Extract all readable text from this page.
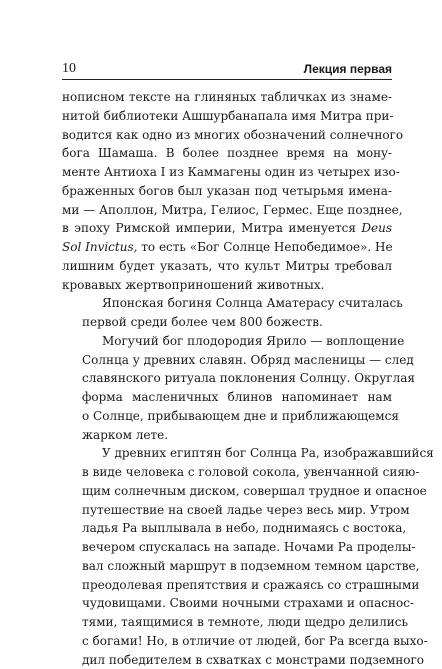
10	Лекция первая

нописном тексте на глиняных табличках из знаме-
нитой библиотеки Ашшурбанапала имя Митра при-
водится как одно из многих обозначений солнечного
бога Шамаша. В более позднее время на монy-
менте Антиоха I из Каммагены один из четырех изо-
браженных богов был указан под четырьмя имена-
ми — Аполлон, Митра, Гелиос, Гермес. Еще позднее,
в эпоху Римской империи, Митра именуется Deus
Sol Invictus, то есть «Бог Солнце Непобедимое». Не
лишним будет указать, что культ Митры требовал
кровавых жертвоприношений животных.

Японская богиня Солнца Аматерасу считалась
первой среди более чем 800 божеств.

Могучий бог плодородия Ярило — воплощение
Солнца у древних славян. Обряд масленицы — след
славянского ритуала поклонения Солнцу. Округлая
форма масленичных блинов напоминает нам
о Солнце, прибывающем дне и приближающемся
жарком лете.

У древних египтян бог Солнца Ра, изображавшийся
в виде человека с головой сокола, увенчанной сияю-
щим солнечным диском, совершал трудное и опасное
путешествие на своей ладье через весь мир. Утром
ладья Ра выплывала в небо, поднимаясь с востока,
вечером спускалась на западе. Ночами Ра проделы-
вал сложный маршрут в подземном темном царстве,
преодолевая препятствия и сражаясь со страшными
чудовищами. Своими ночными страхами и опаснос-
тями, таящимися в темноте, люди щедро делились
с богами! Но, в отличие от людей, бог Ра всегда выхо-
дил победителем в схватках с монстрами подземного
